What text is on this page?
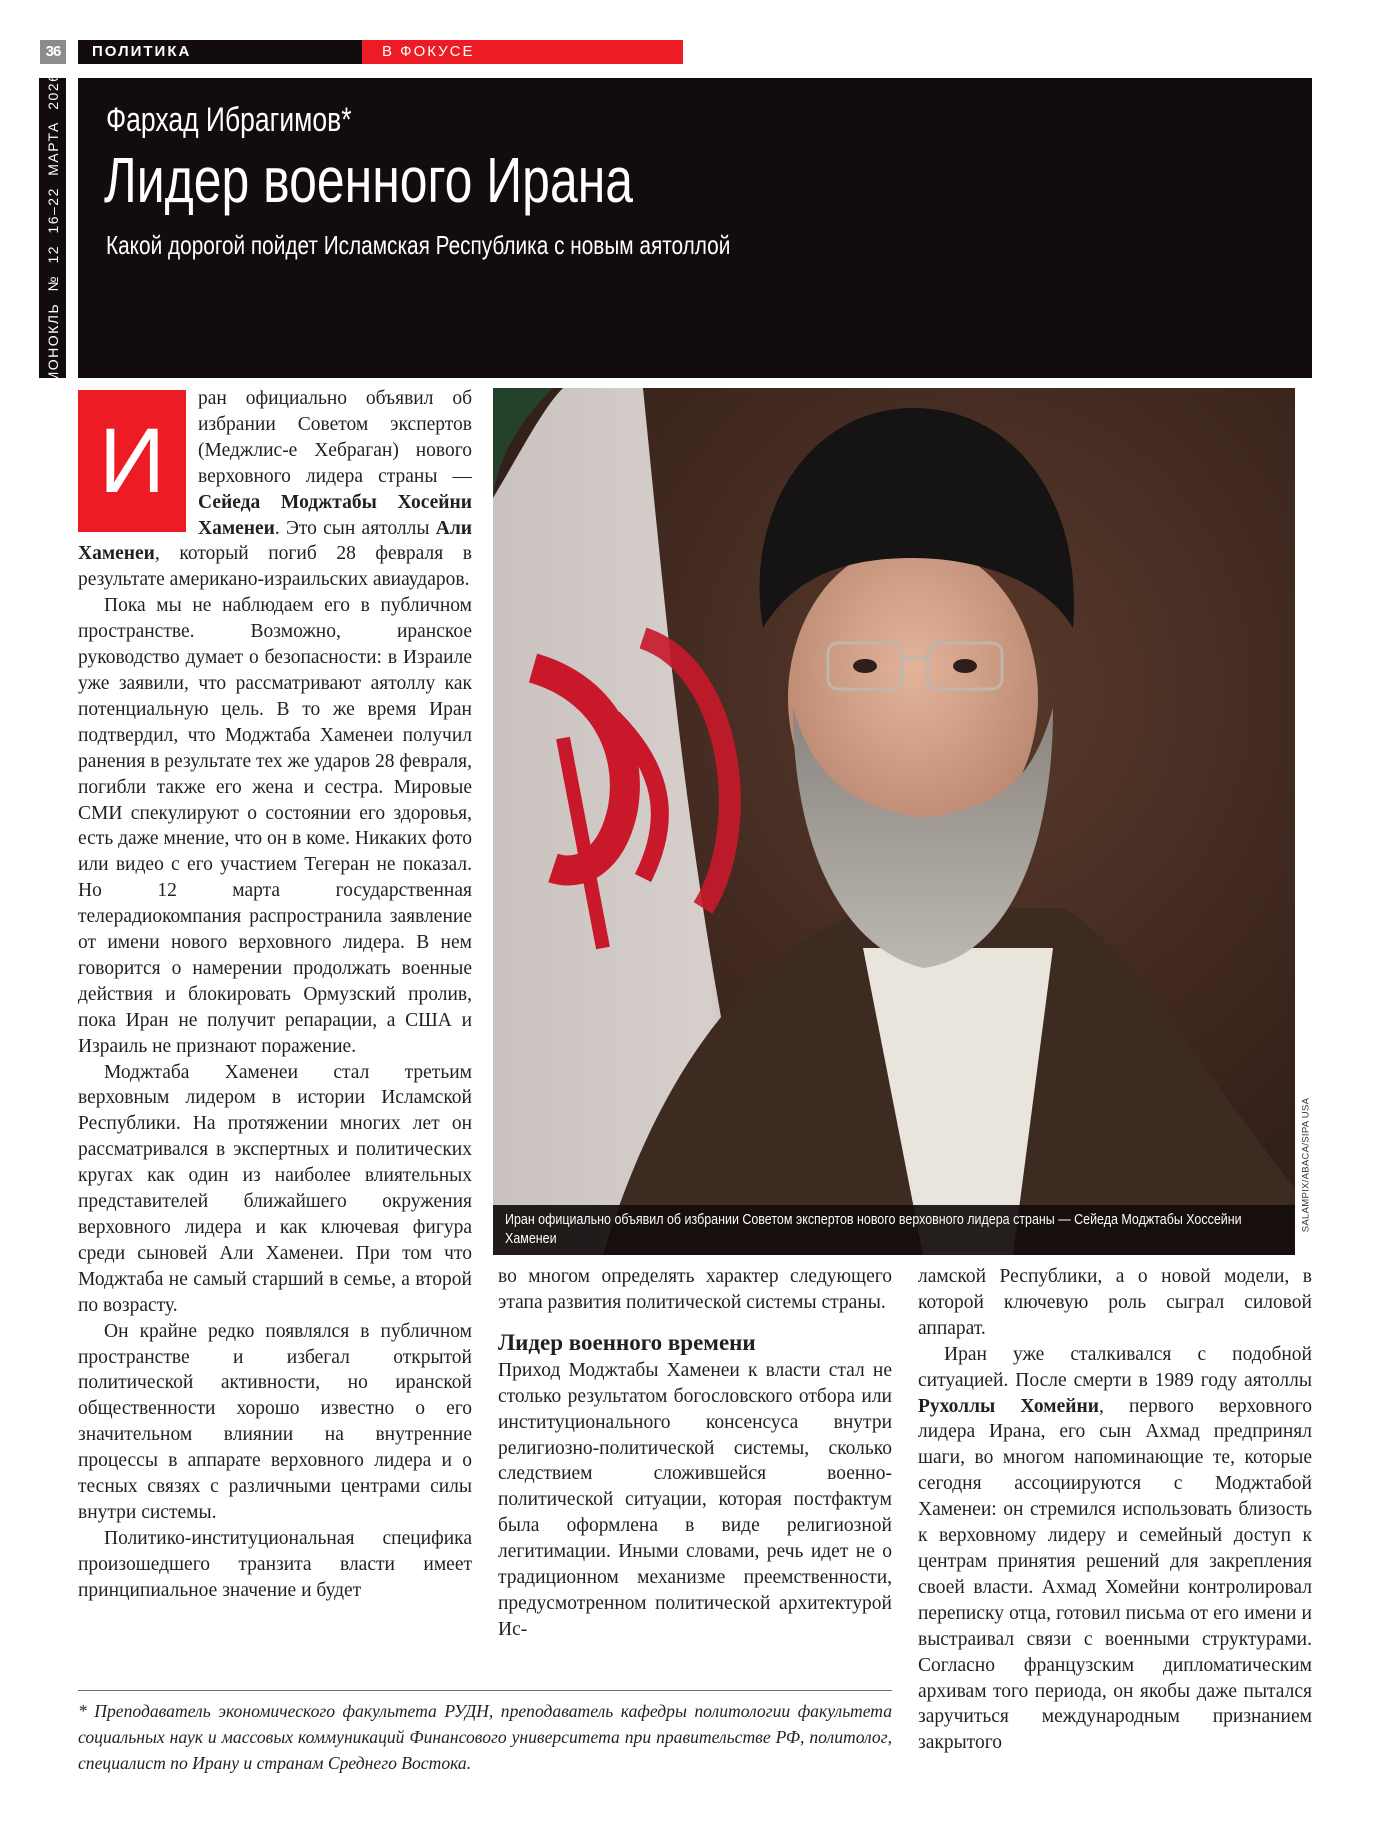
36	ПОЛИТИКА	В ФОКУСЕ
МОНОКЛЬ № 12 16–22 МАРТА 2026 Фархад Ибрагимов*
Лидер военного Ирана
Какой дорогой пойдет Исламская Республика с новым аятоллой
И

ран официально объявил об избрании Советом экспертов (Меджлис-е Хебраган) нового верховного лидера страны — Сейеда Моджтабы Хосейни Хаменеи. Это сын аятоллы Али Хаменеи, который погиб 28 февраля в результате американо-израильских авиаударов.

Пока мы не наблюдаем его в публичном пространстве. Возможно, иранское руководство думает о безопасности: в Израиле уже заявили, что рассматривают аятоллу как потенциальную цель. В то же время Иран подтвердил, что Моджтаба Хаменеи получил ранения в результате тех же ударов 28 февраля, погибли также его жена и сестра. Мировые СМИ спекулируют о состоянии его здоровья, есть даже мнение, что он в коме. Никаких фото или видео с его участием Тегеран не показал. Но 12 марта государственная телерадиокомпания распространила заявление от имени нового верховного лидера. В нем говорится о намерении продолжать военные действия и блокировать Ормузский пролив, пока Иран не получит репарации, а США и Израиль не признают поражение.

Моджтаба Хаменеи стал третьим верховным лидером в истории Исламской Республики. На протяжении многих лет он рассматривался в экспертных и политических кругах как один из наиболее влиятельных представителей ближайшего окружения верховного лидера и как ключевая фигура среди сыновей Али Хаменеи. При том что Моджтаба не самый старший в семье, а второй по возрасту.

Он крайне редко появлялся в публичном пространстве и избегал открытой политической активности, но иранской общественности хорошо известно о его значительном влиянии на внутренние процессы в аппарате верховного лидера и о тесных связях с различными центрами силы внутри системы.

Политико-институциональная специфика произошедшего транзита власти имеет принципиальное значение и будет

Иран официально объявил об избрании Советом экспертов нового верховного лидера страны — Сейеда Моджтабы Хоссейни Хаменеи
SALAMPIX/ABACA/SIPA USA

во многом определять характер следующего этапа развития политической системы страны.

Лидер военного времени

Приход Моджтабы Хаменеи к власти стал не столько результатом богословского отбора или институционального консенсуса внутри религиозно-политической системы, сколько следствием сложившейся военно-политической ситуации, которая постфактум была оформлена в виде религиозной легитимации. Иными словами, речь идет не о традиционном механизме преемственности, предусмотренном политической архитектурой Ис-

ламской Республики, а о новой модели, в которой ключевую роль сыграл силовой аппарат.

Иран уже сталкивался с подобной ситуацией. После смерти в 1989 году аятоллы Рухоллы Хомейни, первого верховного лидера Ирана, его сын Ахмад предпринял шаги, во многом напоминающие те, которые сегодня ассоциируются с Моджтабой Хаменеи: он стремился использовать близость к верховному лидеру и семейный доступ к центрам принятия решений для закрепления своей власти. Ахмад Хомейни контролировал переписку отца, готовил письма от его имени и выстраивал связи с военными структурами. Согласно французским дипломатическим архивам того периода, он якобы даже пытался заручиться международным признанием закрытого

* Преподаватель экономического факультета РУДН, преподаватель кафедры политологии факультета социальных наук и массовых коммуникаций Финансового университета при правительстве РФ, политолог, специалист по Ирану и странам Среднего Востока.
